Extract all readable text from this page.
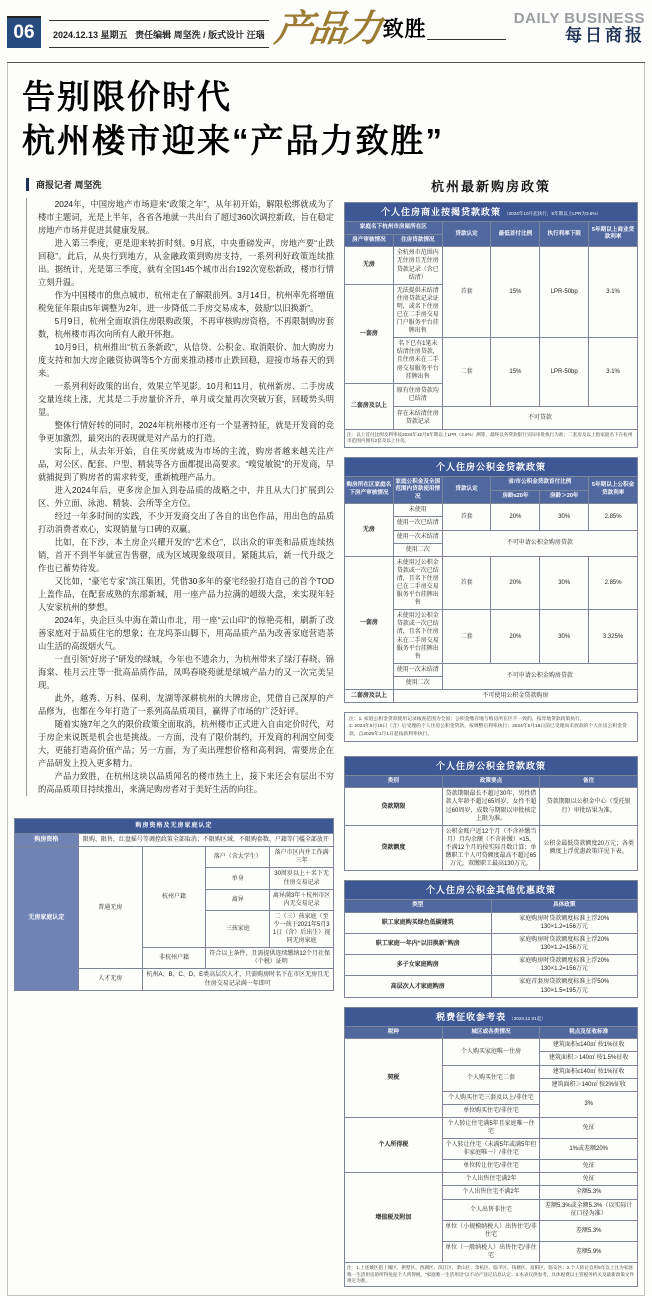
06	2024.12.13 星期五 责任编辑 周坚洗 / 版式设计 汪瑙 产品力 致胜	DAILY BUSINESS
每日商报
告别限价时代
杭州楼市迎来“产品力致胜”
商报记者 周坚洗

2024年，中国房地产市场迎来“政策之年”，从年初开始，解限松绑就成为了楼市主题词，光是上半年，各省各地就一共出台了超过360次调控新政，旨在稳定房地产市场并促进其健康发展。

进入第三季度，更是迎来转折时刻。9月底，中央重磅发声，房地产要“止跌回稳”。此后，从央行到地方，从金融政策到购房支持，一系列利好政策连续推出。据统计，光是第三季度，就有全国145个城市出台192次宽松新政，楼市行情立刻升温。

作为中国楼市的焦点城市，杭州走在了解限前列。3月14日，杭州率先将增值税免征年限由5年调整为2年，进一步降低二手房交易成本，鼓励“以旧换新”。

5月9日，杭州全面取消住房限购政策，不再审核购房资格，不再限制购房套数，杭州楼市再次向所有人敞开怀抱。

10月9日，杭州推出“杭五条新政”，从信贷、公积金、取消限价、加大购房力度支持和加大房企融资协调等5个方面来推动楼市止跌回稳，迎接市场春天的到来。

一系列利好政策的出台，效果立竿见影。10月和11月，杭州新房、二手房成交量连续上涨，尤其是二手房量价齐升，单月成交量再次突破万套，回暖势头明显。

整体行情好转的同时，2024年杭州楼市还有一个显著特征，就是开发商的竞争更加激烈，最突出的表现就是对产品力的打造。

实际上，从去年开始，自住买房就成为市场的主流，购房者越来越关注产品，对公区、配套、户型、精装等各方面都提出高要求。“嗅觉敏锐”的开发商，早就捕捉到了购房者的需求转变，重新梳理产品力。

进入2024年后，更多房企加入到卷品质的战略之中，并且从大门扩展到公区、外立面、泳池、精装、会所等全方位。

经过一年多时间的实践，不少开发商交出了各自的出色作品，用出色的品质打动消费者欢心，实现销量与口碑的双赢。

比如，在下沙，本土房企兴耀开发的“艺术仓”，以出众的审美和品质连续热销，首开不到半年就宣告售罄，成为区域现象级项目。紧随其后，新一代升级之作也已蓄势待发。

又比如，“豪宅专家”滨江集团，凭借30多年的豪宅经验打造自己的首个TOD上盖作品，在配套成熟的东部新城，用一座产品力拉满的超级大盘，来实现年轻人安家杭州的梦想。

2024年，央企巨头中海在萧山市北，用一座“云山印”的惊艳亮相，刷新了改善家庭对于品质住宅的想象；在龙坞茶山脚下，用高品质产品为改善家庭营造茶山生活的高级烟火气。

一直引领“好房子”研发的绿城，今年也不遗余力，为杭州带来了绿汀春晓、锦海棠、桂月云庄等一批高品质作品，凤鸣春晓苑就是绿城产品力的又一次完美呈现。

此外，越秀、万科、保利、龙湖等深耕杭州的大牌房企，凭借自己深厚的产品修为，也都在今年打造了一系列高品质项目，赢得了市场的广泛好评。

随着实施7年之久的限价政策全面取消，杭州楼市正式进入自由定价时代，对于房企来说既是机会也是挑战。一方面，没有了限价制约，开发商的利润空间变大，更能打造高价值产品；另一方面，为了卖出理想价格和高利润，需要房企在产品研发上投入更多精力。

产品力致胜，在杭州这块以品质闻名的楼市热土上，接下来还会有层出不穷的高品质项目持续推出，来满足购房者对于美好生活的向往。

购房资格及无房家庭认定				
购房资格	限购、限售、红盘摇号等调控政策全部取消；不限购区域、不限购套数、户籍等门槛全部放开			
无房家庭认定	普通无房	杭州户籍	落户（含大学生）	落户市区内并工作满三年
			单身	30周岁以上＋名下无住房交易记录
			离异	离异满3年＋杭州市区内无交易记录
			三孩家庭	二（三）孩家庭（至少一孩于2021年5月31日（含）后出生）视同无房家庭
		非杭州户籍	符合以上条件，且需提供连续缴纳12个月社保（个税）证明	
	人才无房	杭州A、B、C、D、E类高层次人才，只需购房时名下在市区无房且无住房交易记录满一年即可		
杭州最新购房政策
个人住房商业按揭贷款政策 （2024年10月起执行，5年期以上LPR为3.6%）					
家庭名下杭州市房屋所在区		贷款认定	最低首付比例	执行利率下限	5年期以上商业贷款利率
房产审核情况	住房贷款情况				
无房	全杭州市范围内无住房且无住房贷款记录（含已结清）	首套	15%	LPR-50bp	3.1%
一套房	无法提供未结清住房贷款记录证明，或名下住房已在二手房交易门户服务平台挂牌出售				
	名下已有1笔未结清住房贷款，且住房未在二手房交易服务平台挂牌出售	二套	15%	LPR-50bp	3.1%
二套房及以上	原有住房贷款均已结清				
	存在未结清住房贷款记录	不可贷款			
注：以上首付比例及利率按2024年12月5年期以上LPR（3.6%）测算，最终以各贷款银行实际审批执行为准；二套房及以上指家庭名下在杭州市范围内拥有2套及以上住房。					
个人住房公积金贷款政策					
购房所在区家庭名下房产审核情况	家庭公积金及全国范围内贷款使用情况	贷款认定	省/市公积金贷款首付比例		5年期以上公积金贷款利率
			房龄≤20年	房龄＞20年	
无房	未使用	首套	20%	30%	2.85%
	使用一次已结清				
	使用一次未结清	不可申请公积金购房贷款			
	使用二次				
一套房	未使用过公积金贷款或一次已结清，且名下住房已在二手房交易服务平台挂牌出售	首套	20%	30%	2.85%
	未使用过公积金贷款或一次已结清，且名下住房未在二手房交易服务平台挂牌出售	二套	20%	30%	3.325%
	使用一次未结清	不可申请公积金购房贷款			
	使用二次				
二套房及以上	不可使用公积金贷款购房				
注：1. 家庭公积金贷款使用记录核查范围为全国；公积金缴存地与购房所在区不一致的，按异地贷款政策执行。
2. 2024年5月18日（含）后受理的个人住房公积金贷款，按调整后利率执行；2024年5月18日前已受理尚未放款的个人住房公积金贷款，自2025年1月1日起按新利率执行。
个人住房公积金贷款政策		
类别	政策要点	备注
贷款期限	贷款期限最长不超过30年，男性借款人年龄不超过65周岁、女性不超过60周岁，成数与期限以审批核定上限为准。	贷款期限以公积金中心（受托银行）审批结果为准。
贷款额度	公积金账户近12个月（不含补缴当月）月均余额（不含补缴）×15，不满12个月的按实际月数计算；单缴职工个人可贷额度最高不超过65万元，双缴职工最高130万元。	公积金最低贷款额度20万元；各类额度上浮优惠政策详见下表。
个人住房公积金其他优惠政策	
类型	具体政策
职工家庭购买绿色低碳建筑	家庭购房时贷款额度标准上浮20%
130×1.2=156万元

职工家庭一年内“以旧换新”购房	家庭购房时贷款额度标准上浮20%
130×1.2=156万元

多子女家庭购房	家庭购房时贷款额度标准上浮20%
130×1.2=156万元

高层次人才家庭购房	家庭首套房贷款额度标准上浮50%
130×1.5=195万元
税费征收参考表 （2024.12.01起）		
税种	城区或各类情况	税点及征收标准
契税	个人购买家庭唯一住房	建筑面积≤140㎡ 按1%征收
		建筑面积＞140㎡ 按1.5%征收
	个人购买住宅二套	建筑面积≤140㎡ 按1%征收
		建筑面积＞140㎡ 按2%征收
	个人购买住宅三套及以上/非住宅	3%
	单位购买住宅/非住宅	
个人所得税	个人转让住宅满5年且家庭唯一住宅	免征
	个人转让住宅（未满5年或满5年但非家庭唯一）/非住宅	1%或差额20%
	单位转让住宅/非住宅	免征
增值税及附加	个人出售住宅满2年	免征
	个人出售住宅不满2年	全额5.3%
	个人出售非住宅	差额5.3%或全额5.3%（以实际计征口径为准）
	单位（小规模纳税人）出售住宅/非住宅	差额5.3%
	单位（一般纳税人）出售住宅/非住宅	差额5.9%
注：1.上述城区指上城区、拱墅区、西湖区、滨江区、萧山区、余杭区、临平区、钱塘区、富阳区、临安区；2.个人转让自用5年以上且为家庭唯一生活用房的所得免征个人所得税，“家庭唯一生活用房”以不动产登记信息认定；3.本表仅供参考，具体税费以主管税务机关及最新政策文件规定为准。		
